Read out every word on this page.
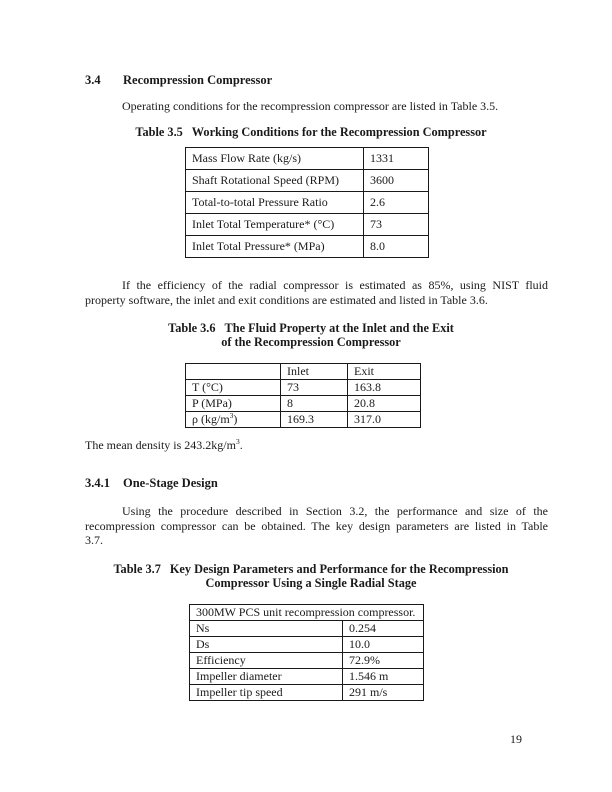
3.4 Recompression Compressor
Operating conditions for the recompression compressor are listed in Table 3.5.
Table 3.5 Working Conditions for the Recompression Compressor
Mass Flow Rate (kg/s)	1331
Shaft Rotational Speed (RPM)	3600
Total-to-total Pressure Ratio	2.6
Inlet Total Temperature* (°C)	73
Inlet Total Pressure* (MPa)	8.0
If the efficiency of the radial compressor is estimated as 85%, using NIST fluid
property software, the inlet and exit conditions are estimated and listed in Table 3.6.
Table 3.6 The Fluid Property at the Inlet and the Exit
of the Recompression Compressor
	Inlet	Exit
T (°C)	73	163.8
P (MPa)	8	20.8
ρ $(kg/m^3)$	169.3	317.0
The mean density is $243.2kg/m^3$.
3.4.1 One-Stage Design
Using the procedure described in Section 3.2, the performance and size of the
recompression compressor can be obtained. The key design parameters are listed in Table
3.7.
Table 3.7 Key Design Parameters and Performance for the Recompression
Compressor Using a Single Radial Stage
300MW PCS unit recompression compressor.	
Ns	0.254
Ds	10.0
Efficiency	72.9%
Impeller diameter	1.546 m
Impeller tip speed	291 m/s
19
